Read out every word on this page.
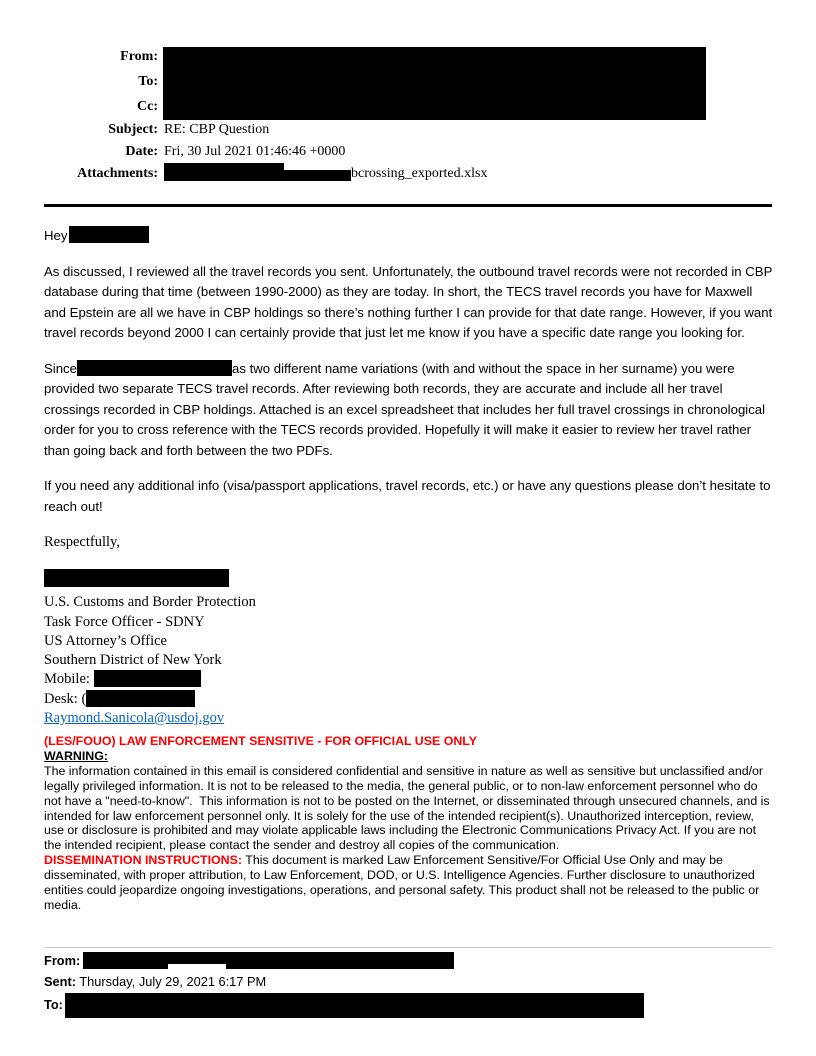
From:
To:
Cc:
Subject: RE: CBP Question
Date: Fri, 30 Jul 2021 01:46:46 +0000
Attachments:	bcrossing_exported.xlsx

Hey

As discussed, I reviewed all the travel records you sent. Unfortunately, the outbound travel records were not recorded in CBP database during that time (between 1990-2000) as they are today. In short, the TECS travel records you have for Maxwell and Epstein are all we have in CBP holdings so there’s nothing further I can provide for that date range. However, if you want travel records beyond 2000 I can certainly provide that just let me know if you have a specific date range you looking for.

Since	as two different name variations (with and without the space in her surname) you were provided two separate TECS travel records. After reviewing both records, they are accurate and include all her travel crossings recorded in CBP holdings. Attached is an excel spreadsheet that includes her full travel crossings in chronological order for you to cross reference with the TECS records provided. Hopefully it will make it easier to review her travel rather than going back and forth between the two PDFs.

If you need any additional info (visa/passport applications, travel records, etc.) or have any questions please don’t hesitate to reach out!

Respectfully,

U.S. Customs and Border Protection

Task Force Officer - SDNY

US Attorney’s Office

Southern District of New York

Mobile:

Desk: (

Raymond.Sanicola@usdoj.gov

(LES/FOUO) LAW ENFORCEMENT SENSITIVE - FOR OFFICIAL USE ONLY

WARNING:

The information contained in this email is considered confidential and sensitive in nature as well as sensitive but unclassified and/or legally privileged information. It is not to be released to the media, the general public, or to non-law enforcement personnel who do not have a "need-to-know".  This information is not to be posted on the Internet, or disseminated through unsecured channels, and is intended for law enforcement personnel only. It is solely for the use of the intended recipient(s). Unauthorized interception, review, use or disclosure is prohibited and may violate applicable laws including the Electronic Communications Privacy Act. If you are not the intended recipient, please contact the sender and destroy all copies of the communication.

DISSEMINATION INSTRUCTIONS: This document is marked Law Enforcement Sensitive/For Official Use Only and may be disseminated, with proper attribution, to Law Enforcement, DOD, or U.S. Intelligence Agencies. Further disclosure to unauthorized entities could jeopardize ongoing investigations, operations, and personal safety. This product shall not be released to the public or media.

From:

Sent: Thursday, July 29, 2021 6:17 PM

To:
